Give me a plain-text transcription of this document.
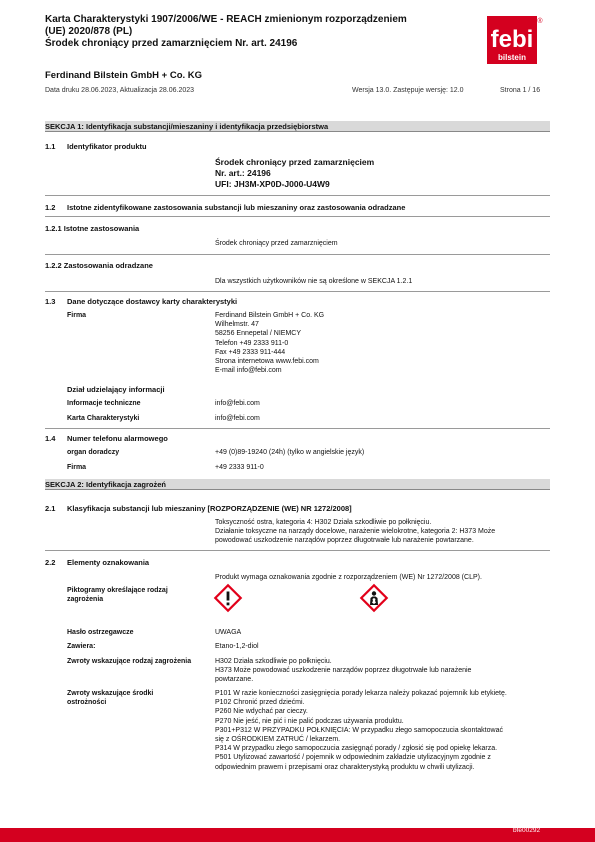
Karta Charakterystyki 1907/2006/WE - REACH zmienionym rozporządzeniem
(UE) 2020/878 (PL)
Środek chroniący przed zamarznięciem Nr. art. 24196	febi
bilstein
®
Ferdinand Bilstein GmbH + Co. KG
Data druku 28.06.2023, Aktualizacja 28.06.2023	Wersja 13.0. Zastępuje wersję: 12.0	Strona 1 / 16
SEKCJA 1: Identyfikacja substancji/mieszaniny i identyfikacja przedsiębiorstwa
1.1 Identyfikator produktu
Środek chroniący przed zamarznięciem
Nr. art.: 24196
UFI: JH3M-XP0D-J000-U4W9
1.2 Istotne zidentyfikowane zastosowania substancji lub mieszaniny oraz zastosowania odradzane
1.2.1 Istotne zastosowania
Środek chroniący przed zamarznięciem
1.2.2 Zastosowania odradzane
Dla wszystkich użytkowników nie są określone w SEKCJA 1.2.1
1.3 Dane dotyczące dostawcy karty charakterystyki
Firma	Ferdinand Bilstein GmbH + Co. KG
Wilhelmstr. 47
58256 Ennepetal / NIEMCY
Telefon +49 2333 911-0
Fax +49 2333 911-444
Strona internetowa www.febi.com
E-mail info@febi.com
Dział udzielający informacji
Informacje techniczne	info@febi.com
Karta Charakterystyki	info@febi.com
1.4 Numer telefonu alarmowego
organ doradczy	+49 (0)89-19240 (24h) (tylko w angielskie język)
Firma	+49 2333 911-0
SEKCJA 2: Identyfikacja zagrożeń
2.1 Klasyfikacja substancji lub mieszaniny [ROZPORZĄDZENIE (WE) NR 1272/2008]
Toksyczność ostra, kategoria 4: H302 Działa szkodliwie po połknięciu.
Działanie toksyczne na narządy docelowe, narażenie wielokrotne, kategoria 2: H373 Może
powodować uszkodzenie narządów poprzez długotrwałe lub narażenie powtarzane.
2.2 Elementy oznakowania
Produkt wymaga oznakowania zgodnie z rozporządzeniem (WE) Nr 1272/2008 (CLP).
Piktogramy określające rodzaj
zagrożenia
Hasło ostrzegawcze	UWAGA
Zawiera:	Etano-1,2-diol
Zwroty wskazujące rodzaj zagrożenia	H302 Działa szkodliwie po połknięciu.
H373 Może powodować uszkodzenie narządów poprzez długotrwałe lub narażenie
powtarzane.
Zwroty wskazujące środki
ostrożności
P101 W razie konieczności zasięgnięcia porady lekarza należy pokazać pojemnik lub etykietę.
P102 Chronić przed dziećmi.
P260 Nie wdychać par cieczy.
P270 Nie jeść, nie pić i nie palić podczas używania produktu.
P301+P312 W PRZYPADKU POŁKNIĘCIA: W przypadku złego samopoczucia skontaktować
się z OŚRODKIEM ZATRUĆ / lekarzem.
P314 W przypadku złego samopoczucia zasięgnąć porady / zgłosić się pod opiekę lekarza.
P501 Utylizować zawartość / pojemnik w odpowiednim zakładzie utylizacyjnym zgodnie z
odpowiednim prawem i przepisami oraz charakterystyką produktu w chwili utylizacji.
bfe00292
